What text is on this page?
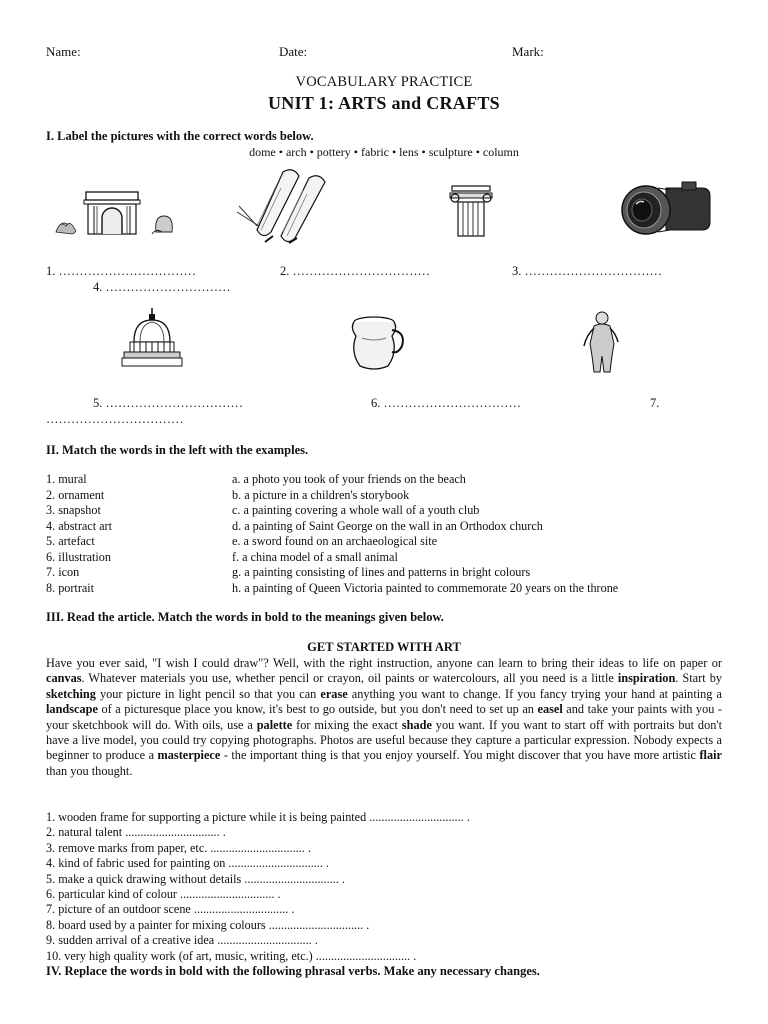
Name:	Date:	Mark:
VOCABULARY PRACTICE
UNIT 1: ARTS and CRAFTS
I. Label the pictures with the correct words below.
dome • arch • pottery • fabric • lens • sculpture • column
1. ……………………………	2. ……………………………	3. ……………………………
4. …………………………
5. ……………………………	6. ……………………………	7.
……………………………
II. Match the words in the left with the examples.
1. mural	a. a photo you took of your friends on the beach
2. ornament	b. a picture in a children's storybook
3. snapshot	c. a painting covering a whole wall of a youth club
4. abstract art	d. a painting of Saint George on the wall in an Orthodox church
5. artefact	e. a sword found on an archaeological site
6. illustration	f. a china model of a small animal
7. icon	g. a painting consisting of lines and patterns in bright colours
8. portrait	h. a painting of Queen Victoria painted to commemorate 20 years on the throne
III. Read the article. Match the words in bold to the meanings given below.
GET STARTED WITH ART
Have you ever said, "I wish I could draw"? Well, with the right instruction, anyone can learn to bring their ideas to life on paper or canvas. Whatever materials you use, whether pencil or crayon, oil paints or watercolours, all you need is a little inspiration. Start by sketching your picture in light pencil so that you can erase anything you want to change. If you fancy trying your hand at painting a landscape of a picturesque place you know, it's best to go outside, but you don't need to set up an easel and take your paints with you - your sketchbook will do. With oils, use a palette for mixing the exact shade you want. If you want to start off with portraits but don't have a live model, you could try copying photographs. Photos are useful because they capture a particular expression. Nobody expects a beginner to produce a masterpiece - the important thing is that you enjoy yourself. You might discover that you have more artistic flair than you thought.
1. wooden frame for supporting a picture while it is being painted ............................... .
2. natural talent ............................... .
3. remove marks from paper, etc. ............................... .
4. kind of fabric used for painting on ............................... .
5. make a quick drawing without details ............................... .
6. particular kind of colour ............................... .
7. picture of an outdoor scene ............................... .
8. board used by a painter for mixing colours ............................... .
9. sudden arrival of a creative idea ............................... .
10. very high quality work (of art, music, writing, etc.) ............................... .
IV. Replace the words in bold with the following phrasal verbs. Make any necessary changes.
